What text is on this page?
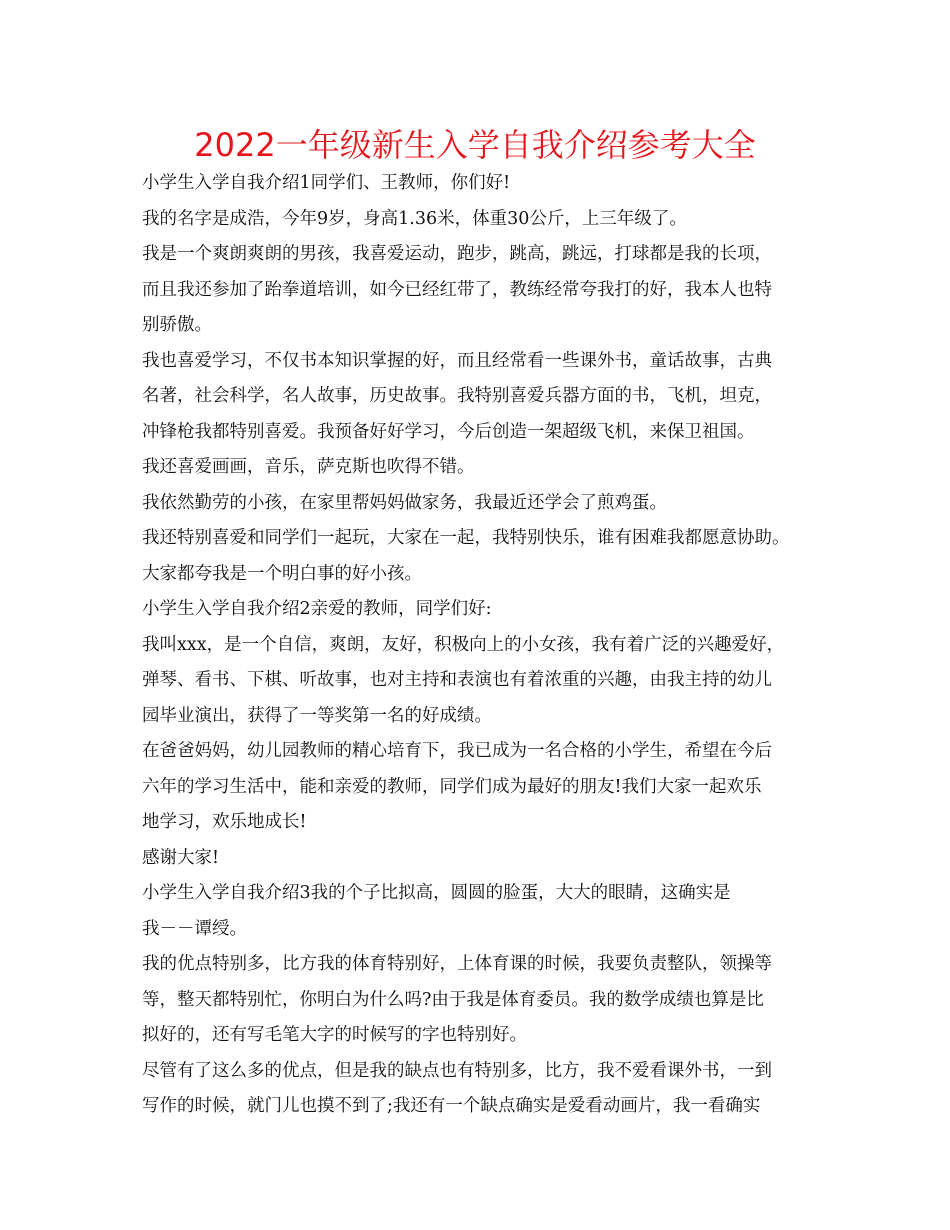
2022一年级新生入学自我介绍参考大全
小学生入学自我介绍1同学们、王教师，你们好!
我的名字是成浩，今年9岁，身高1.36米，体重30公斤，上三年级了。
我是一个爽朗爽朗的男孩，我喜爱运动，跑步，跳高，跳远，打球都是我的长项，
而且我还参加了跆拳道培训，如今已经红带了，教练经常夸我打的好，我本人也特
别骄傲。
我也喜爱学习，不仅书本知识掌握的好，而且经常看一些课外书，童话故事，古典
名著，社会科学，名人故事，历史故事。我特别喜爱兵器方面的书，飞机，坦克，
冲锋枪我都特别喜爱。我预备好好学习，今后创造一架超级飞机，来保卫祖国。
我还喜爱画画，音乐，萨克斯也吹得不错。
我依然勤劳的小孩，在家里帮妈妈做家务，我最近还学会了煎鸡蛋。
我还特别喜爱和同学们一起玩，大家在一起，我特别快乐，谁有困难我都愿意协助。
大家都夸我是一个明白事的好小孩。
小学生入学自我介绍2亲爱的教师，同学们好:
我叫xxx，是一个自信，爽朗，友好，积极向上的小女孩，我有着广泛的兴趣爱好，
弹琴、看书、下棋、听故事，也对主持和表演也有着浓重的兴趣，由我主持的幼儿
园毕业演出，获得了一等奖第一名的好成绩。
在爸爸妈妈，幼儿园教师的精心培育下，我已成为一名合格的小学生，希望在今后
六年的学习生活中，能和亲爱的教师，同学们成为最好的朋友!我们大家一起欢乐
地学习，欢乐地成长!
感谢大家!
小学生入学自我介绍3我的个子比拟高，圆圆的脸蛋，大大的眼睛，这确实是
我－－谭绶。
我的优点特别多，比方我的体育特别好，上体育课的时候，我要负责整队，领操等
等，整天都特别忙，你明白为什么吗?由于我是体育委员。我的数学成绩也算是比
拟好的，还有写毛笔大字的时候写的字也特别好。
尽管有了这么多的优点，但是我的缺点也有特别多，比方，我不爱看课外书，一到
写作的时候，就门儿也摸不到了;我还有一个缺点确实是爱看动画片，我一看确实
